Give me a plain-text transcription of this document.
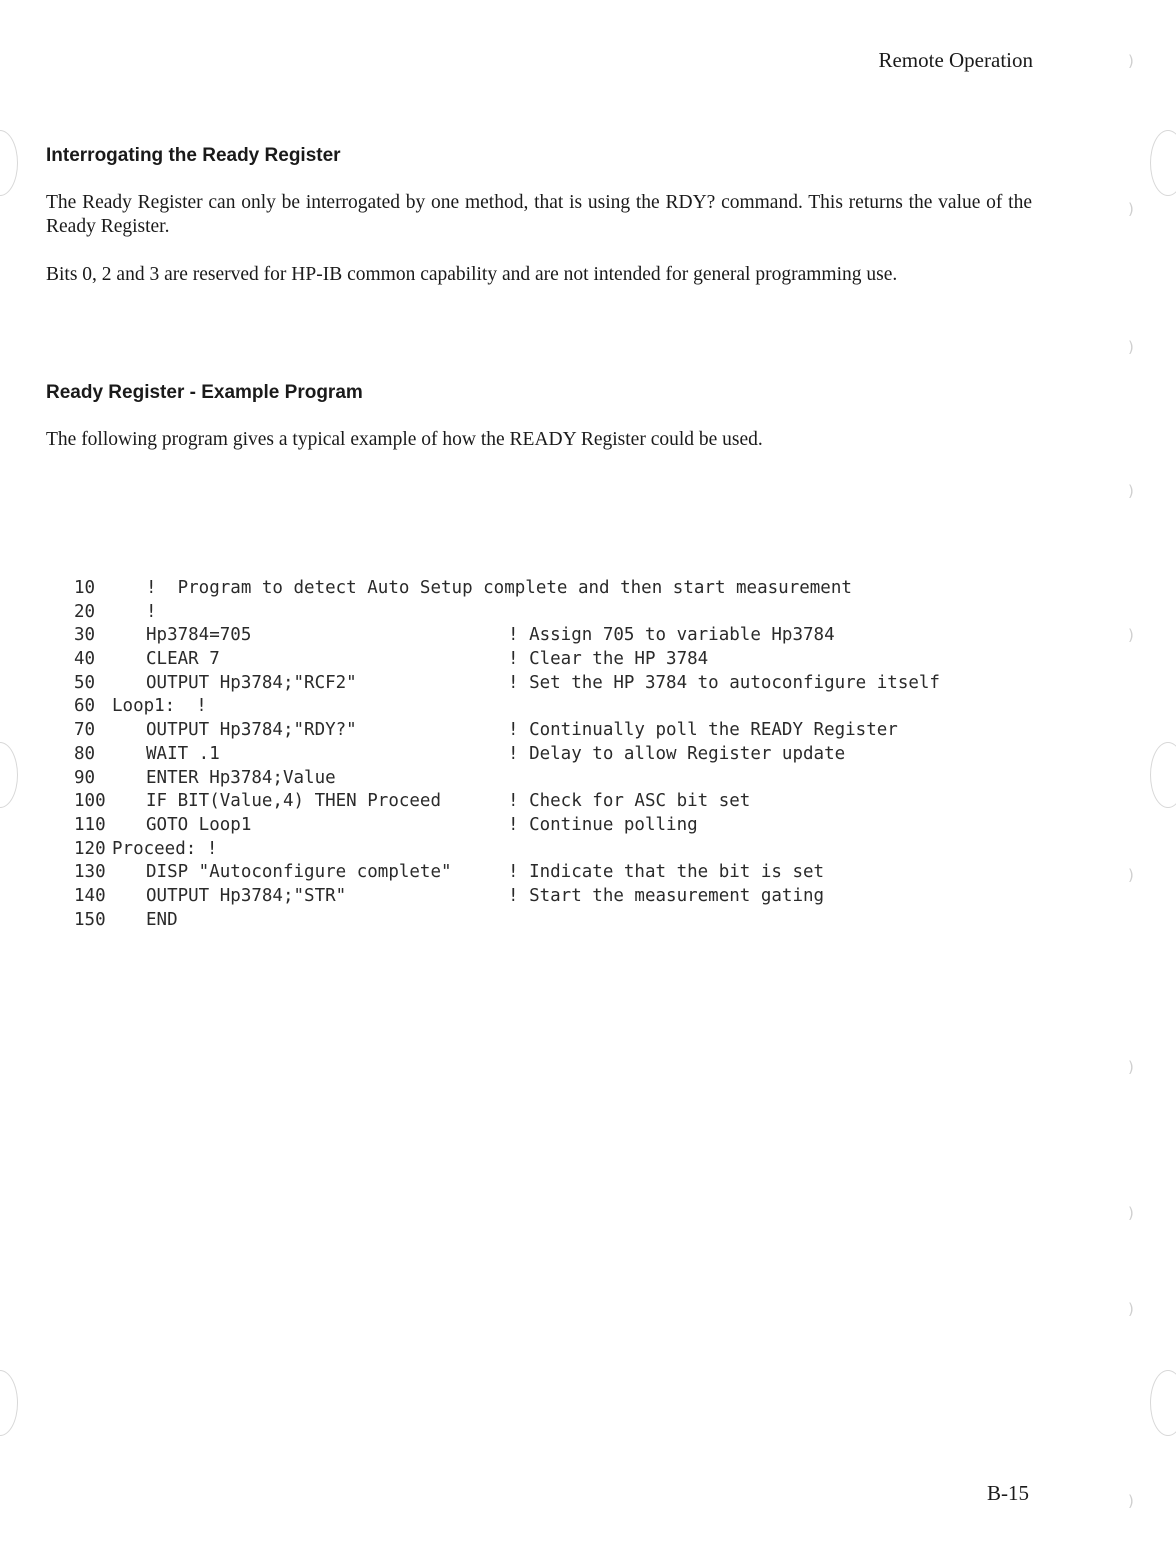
Remote Operation
Interrogating the Ready Register

The Ready Register can only be interrogated by one method, that is using the RDY? command. This returns the value of the Ready Register.

Bits 0, 2 and 3 are reserved for HP-IB common capability and are not intended for general programming use.

Ready Register - Example Program

The following program gives a typical example of how the READY Register could be used.

10	!  Program to detect Auto Setup complete and then start measurement
20	!
30	Hp3784=705	! Assign 705 to variable Hp3784
40	CLEAR 7	! Clear the HP 3784
50	OUTPUT Hp3784;"RCF2"	! Set the HP 3784 to autoconfigure itself
60 Loop1:  !
70	OUTPUT Hp3784;"RDY?"	! Continually poll the READY Register
80	WAIT .1	! Delay to allow Register update
90	ENTER Hp3784;Value
100 IF BIT(Value,4) THEN Proceed	! Check for ASC bit set
110 GOTO Loop1	! Continue polling
120 Proceed: !
130 DISP "Autoconfigure complete"	! Indicate that the bit is set
140 OUTPUT Hp3784;"STR"	! Start the measurement gating
150 END
B-15
)
)
)
)
)
)
)
)
)
)
